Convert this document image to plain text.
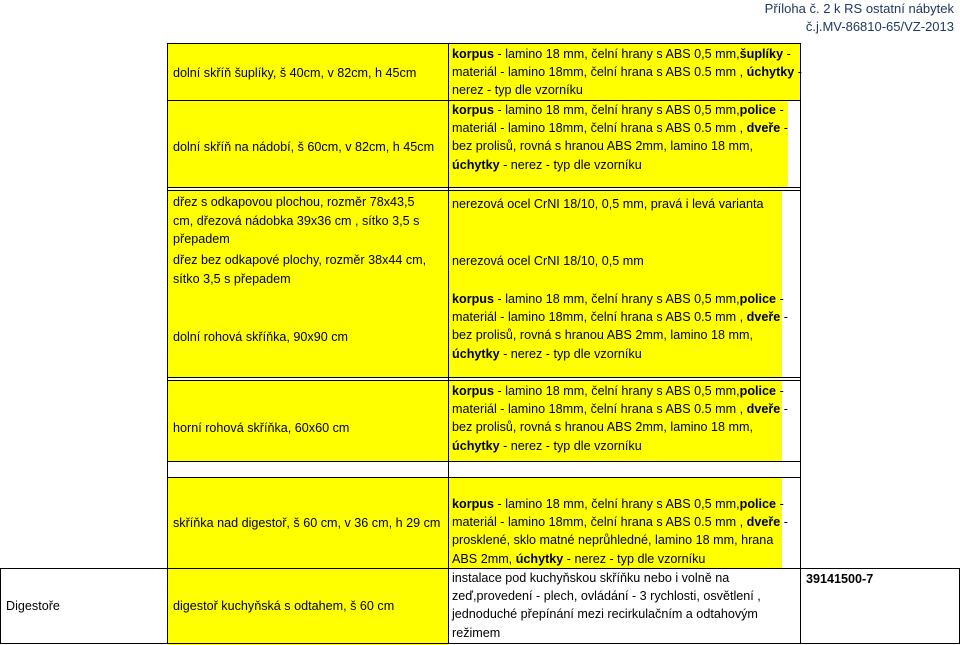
Příloha č. 2 k RS ostatní nábytek
č.j.MV-86810-65/VZ-2013
dolní skříň šuplíky, š 40cm, v 82cm, h 45cm
korpus - lamino 18 mm, čelní hrany s ABS 0,5 mm,šuplíky -
materiál - lamino 18mm, čelní hrana s ABS 0.5 mm , úchytky -
nerez - typ dle vzorníku
dolní skříň na nádobí, š 60cm, v 82cm, h 45cm
korpus - lamino 18 mm, čelní hrany s ABS 0,5 mm,police -
materiál - lamino 18mm, čelní hrana s ABS 0.5 mm , dveře -
bez prolisů, rovná s hranou ABS 2mm, lamino 18 mm,
úchytky - nerez - typ dle vzorníku
dřez s odkapovou plochou, rozměr 78x43,5
cm, dřezová nádobka 39x36 cm , sítko 3,5 s
přepadem
nerezová ocel CrNI 18/10, 0,5 mm, pravá i levá varianta
dřez bez odkapové plochy, rozměr 38x44 cm,
sítko 3,5 s přepadem
nerezová ocel CrNI 18/10, 0,5 mm
dolní rohová skříňka, 90x90 cm
korpus - lamino 18 mm, čelní hrany s ABS 0,5 mm,police -
materiál - lamino 18mm, čelní hrana s ABS 0.5 mm , dveře -
bez prolisů, rovná s hranou ABS 2mm, lamino 18 mm,
úchytky - nerez - typ dle vzorníku
horní rohová skříňka, 60x60 cm
korpus - lamino 18 mm, čelní hrany s ABS 0,5 mm,police -
materiál - lamino 18mm, čelní hrana s ABS 0.5 mm , dveře -
bez prolisů, rovná s hranou ABS 2mm, lamino 18 mm,
úchytky - nerez - typ dle vzorníku
skříňka nad digestoř, š 60 cm, v 36 cm, h 29 cm
korpus - lamino 18 mm, čelní hrany s ABS 0,5 mm,police -
materiál - lamino 18mm, čelní hrana s ABS 0.5 mm , dveře -
prosklené, sklo matné neprůhledné, lamino 18 mm, hrana
ABS 2mm, úchytky - nerez - typ dle vzorníku
Digestoře	digestoř kuchyňská s odtahem, š 60 cm
instalace pod kuchyňskou skříňku nebo i volně na
zeď,provedení - plech, ovládání - 3 rychlosti, osvětlení ,
jednoduché přepínání mezi recirkulačním a odtahovým
režimem
39141500-7
